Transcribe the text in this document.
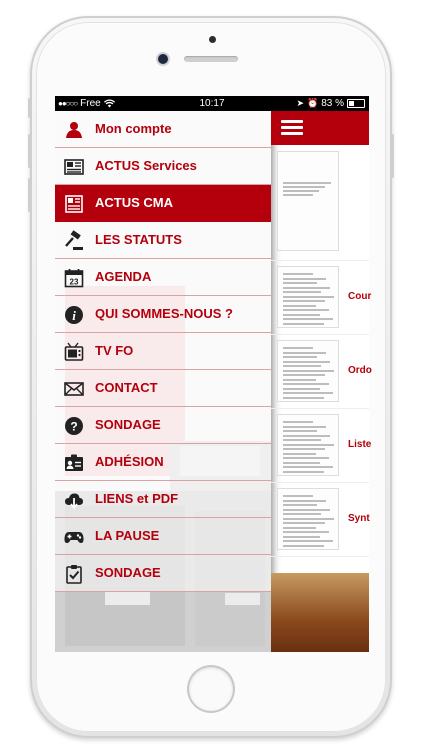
●●○○○ Free	10:17	➤ ⏰ 83 %
Mon compte
ACTUS Services
ACTUS CMA
LES STATUTS
23 AGENDA
i QUI SOMMES-NOUS ?
TV FO
CONTACT
? SONDAGE
ADHÉSION
LIENS et PDF
LA PAUSE
SONDAGE
Cour
Ordo
Liste
Synt
